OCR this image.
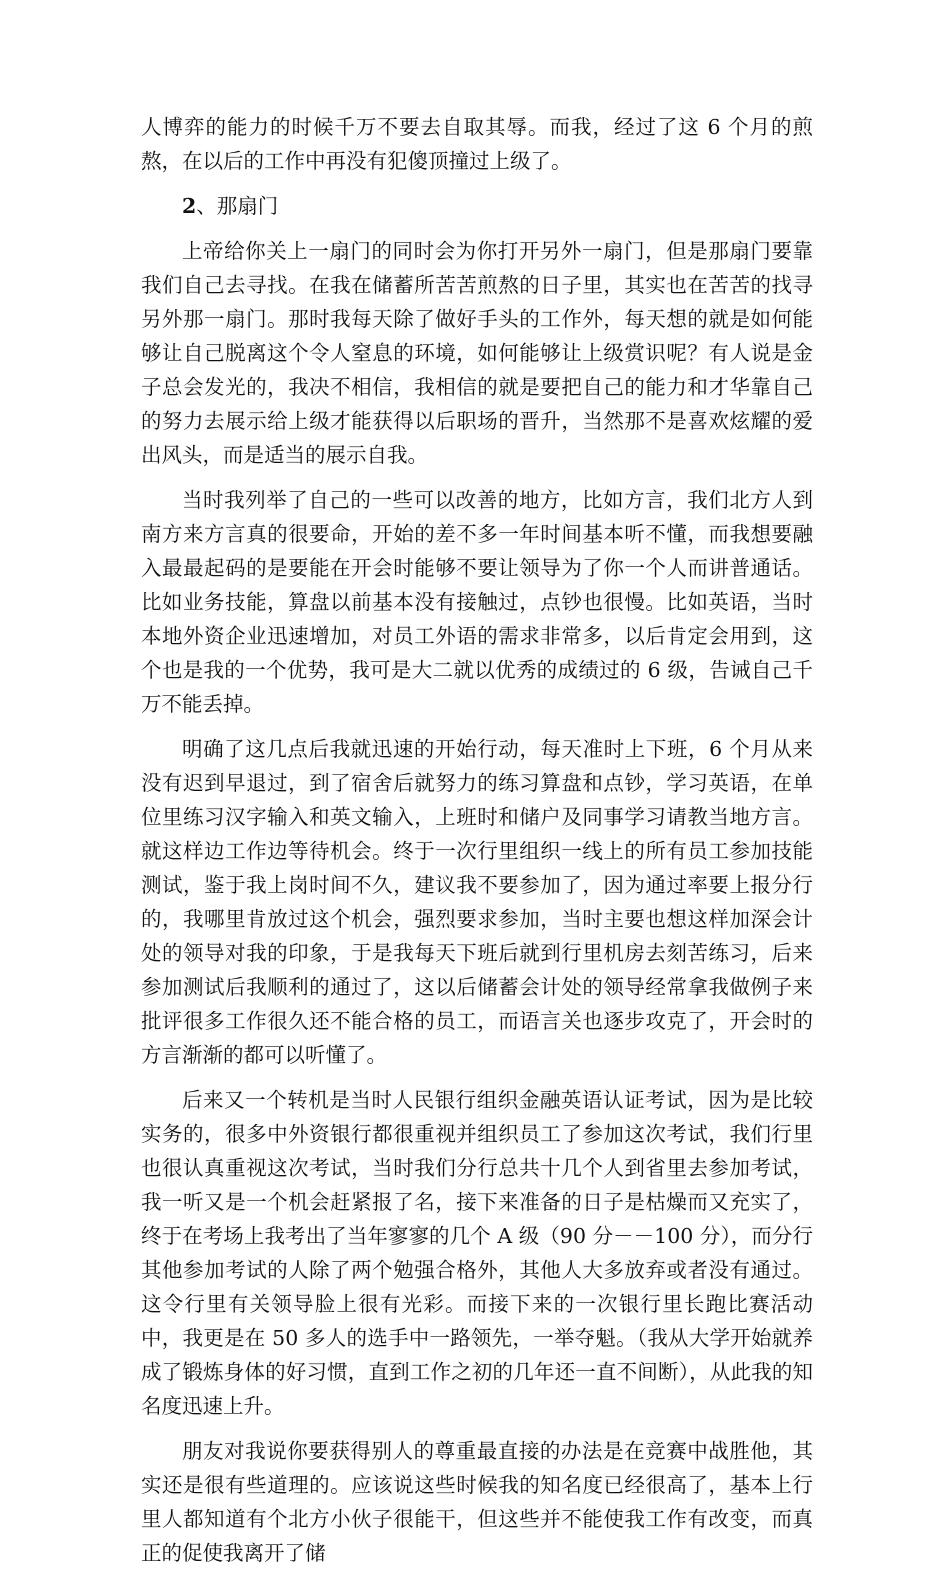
人博弈的能力的时候千万不要去自取其辱。而我，经过了这 6 个月的煎熬，在以后的工作中再没有犯傻顶撞过上级了。

2、那扇门

上帝给你关上一扇门的同时会为你打开另外一扇门，但是那扇门要靠我们自己去寻找。在我在储蓄所苦苦煎熬的日子里，其实也在苦苦的找寻另外那一扇门。那时我每天除了做好手头的工作外，每天想的就是如何能够让自己脱离这个令人窒息的环境，如何能够让上级赏识呢？有人说是金子总会发光的，我决不相信，我相信的就是要把自己的能力和才华靠自己的努力去展示给上级才能获得以后职场的晋升，当然那不是喜欢炫耀的爱出风头，而是适当的展示自我。

当时我列举了自己的一些可以改善的地方，比如方言，我们北方人到南方来方言真的很要命，开始的差不多一年时间基本听不懂，而我想要融入最最起码的是要能在开会时能够不要让领导为了你一个人而讲普通话。比如业务技能，算盘以前基本没有接触过，点钞也很慢。比如英语，当时本地外资企业迅速增加，对员工外语的需求非常多，以后肯定会用到，这个也是我的一个优势，我可是大二就以优秀的成绩过的 6 级，告诫自己千万不能丢掉。

明确了这几点后我就迅速的开始行动，每天准时上下班，6 个月从来没有迟到早退过，到了宿舍后就努力的练习算盘和点钞，学习英语，在单位里练习汉字输入和英文输入，上班时和储户及同事学习请教当地方言。就这样边工作边等待机会。终于一次行里组织一线上的所有员工参加技能测试，鉴于我上岗时间不久，建议我不要参加了，因为通过率要上报分行的，我哪里肯放过这个机会，强烈要求参加，当时主要也想这样加深会计处的领导对我的印象，于是我每天下班后就到行里机房去刻苦练习，后来参加测试后我顺利的通过了，这以后储蓄会计处的领导经常拿我做例子来批评很多工作很久还不能合格的员工，而语言关也逐步攻克了，开会时的方言渐渐的都可以听懂了。

后来又一个转机是当时人民银行组织金融英语认证考试，因为是比较实务的，很多中外资银行都很重视并组织员工了参加这次考试，我们行里也很认真重视这次考试，当时我们分行总共十几个人到省里去参加考试，我一听又是一个机会赶紧报了名，接下来准备的日子是枯燥而又充实了，终于在考场上我考出了当年寥寥的几个 A 级（90 分－－100 分），而分行其他参加考试的人除了两个勉强合格外，其他人大多放弃或者没有通过。这令行里有关领导脸上很有光彩。而接下来的一次银行里长跑比赛活动中，我更是在 50 多人的选手中一路领先，一举夺魁。（我从大学开始就养成了锻炼身体的好习惯，直到工作之初的几年还一直不间断），从此我的知名度迅速上升。

朋友对我说你要获得别人的尊重最直接的办法是在竞赛中战胜他，其实还是很有些道理的。应该说这些时候我的知名度已经很高了，基本上行里人都知道有个北方小伙子很能干，但这些并不能使我工作有改变，而真正的促使我离开了储
